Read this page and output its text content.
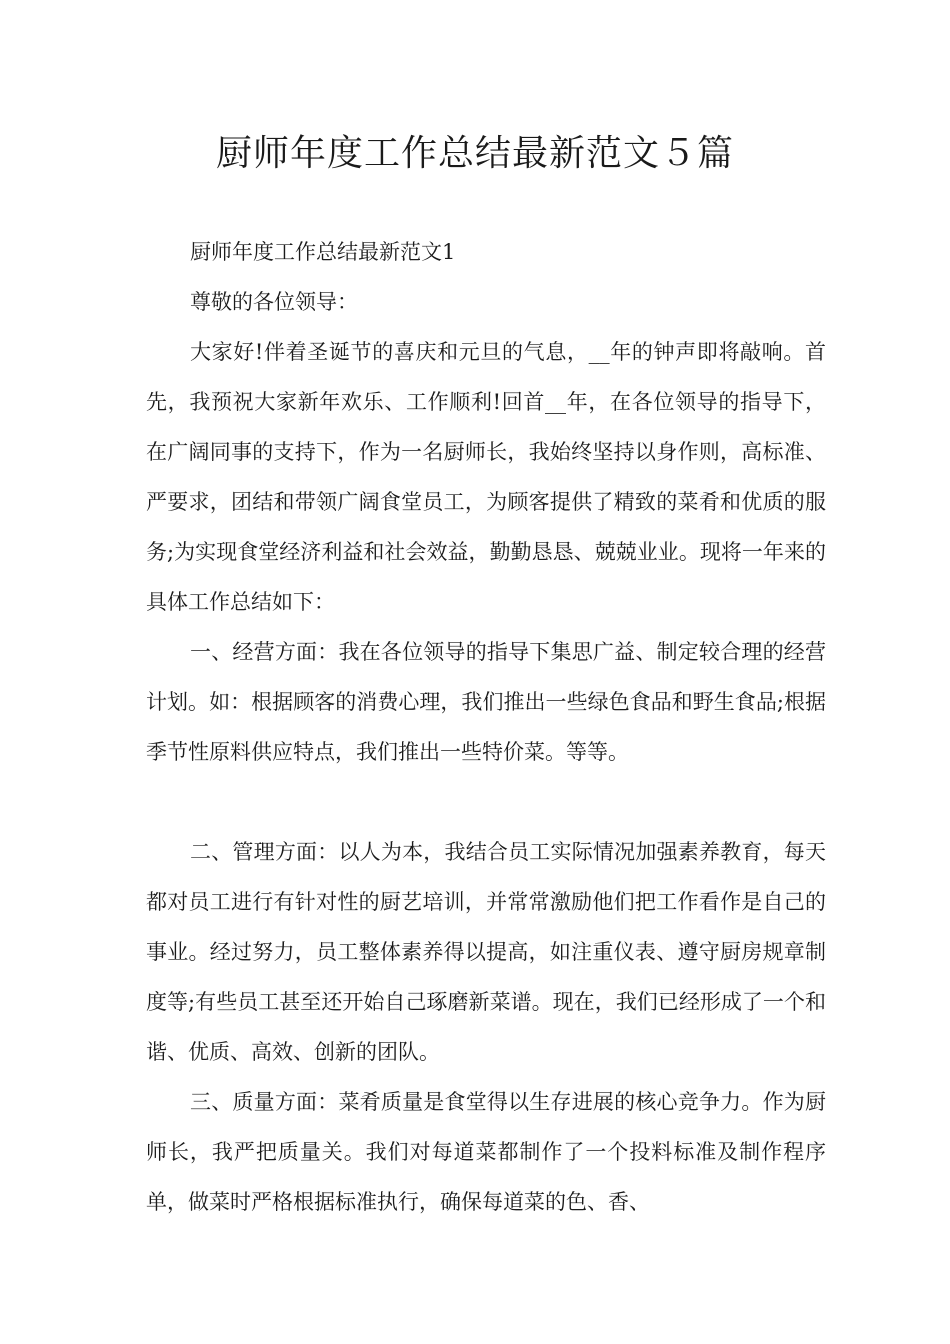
厨师年度工作总结最新范文５篇

厨师年度工作总结最新范文1

尊敬的各位领导：

大家好!伴着圣诞节的喜庆和元旦的气息，__年的钟声即将敲响。首先，我预祝大家新年欢乐、工作顺利!回首__年，在各位领导的指导下，在广阔同事的支持下，作为一名厨师长，我始终坚持以身作则，高标准、严要求，团结和带领广阔食堂员工，为顾客提供了精致的菜肴和优质的服务;为实现食堂经济利益和社会效益，勤勤恳恳、兢兢业业。现将一年来的具体工作总结如下：

一、经营方面：我在各位领导的指导下集思广益、制定较合理的经营计划。如：根据顾客的消费心理，我们推出一些绿色食品和野生食品;根据季节性原料供应特点，我们推出一些特价菜。等等。

二、管理方面：以人为本，我结合员工实际情况加强素养教育，每天都对员工进行有针对性的厨艺培训，并常常激励他们把工作看作是自己的事业。经过努力，员工整体素养得以提高，如注重仪表、遵守厨房规章制度等;有些员工甚至还开始自己琢磨新菜谱。现在，我们已经形成了一个和谐、优质、高效、创新的团队。

三、质量方面：菜肴质量是食堂得以生存进展的核心竞争力。作为厨师长，我严把质量关。我们对每道菜都制作了一个投料标准及制作程序单，做菜时严格根据标准执行，确保每道菜的色、香、
